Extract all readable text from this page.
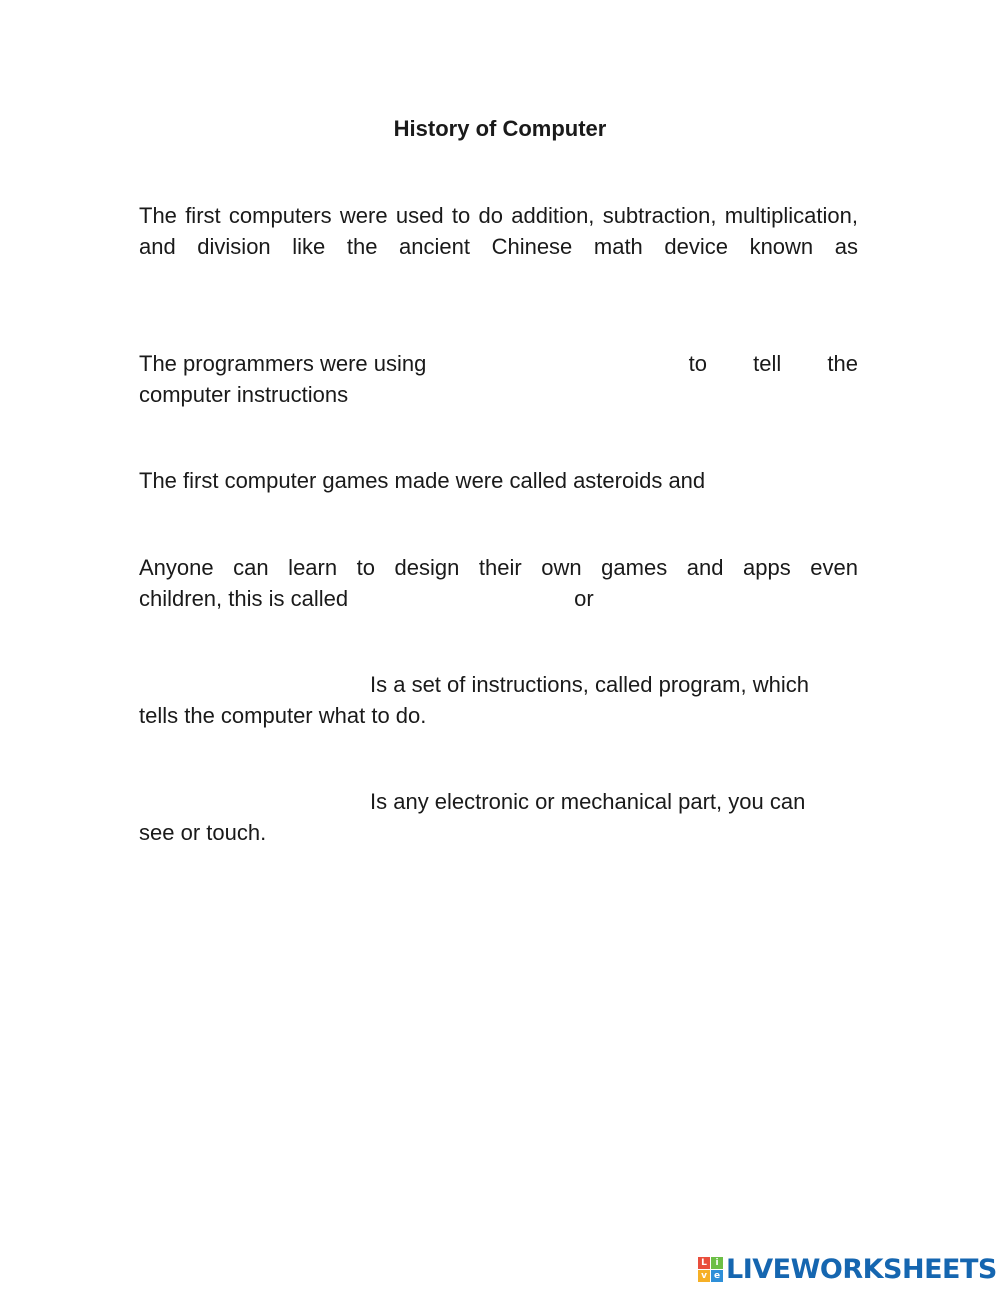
History of Computer
The first computers were used to do addition, subtraction, multiplication, and division like the ancient Chinese math device known as
The programmers were using	to tell the
computer instructions
The first computer games made were called asteroids and
Anyone can learn to design their own games and apps even
children, this is called	or
Is a set of instructions, called program, which
tells the computer what to do.
Is any electronic or mechanical part, you can
see or touch.
L i
v e LIVEWORKSHEETS
